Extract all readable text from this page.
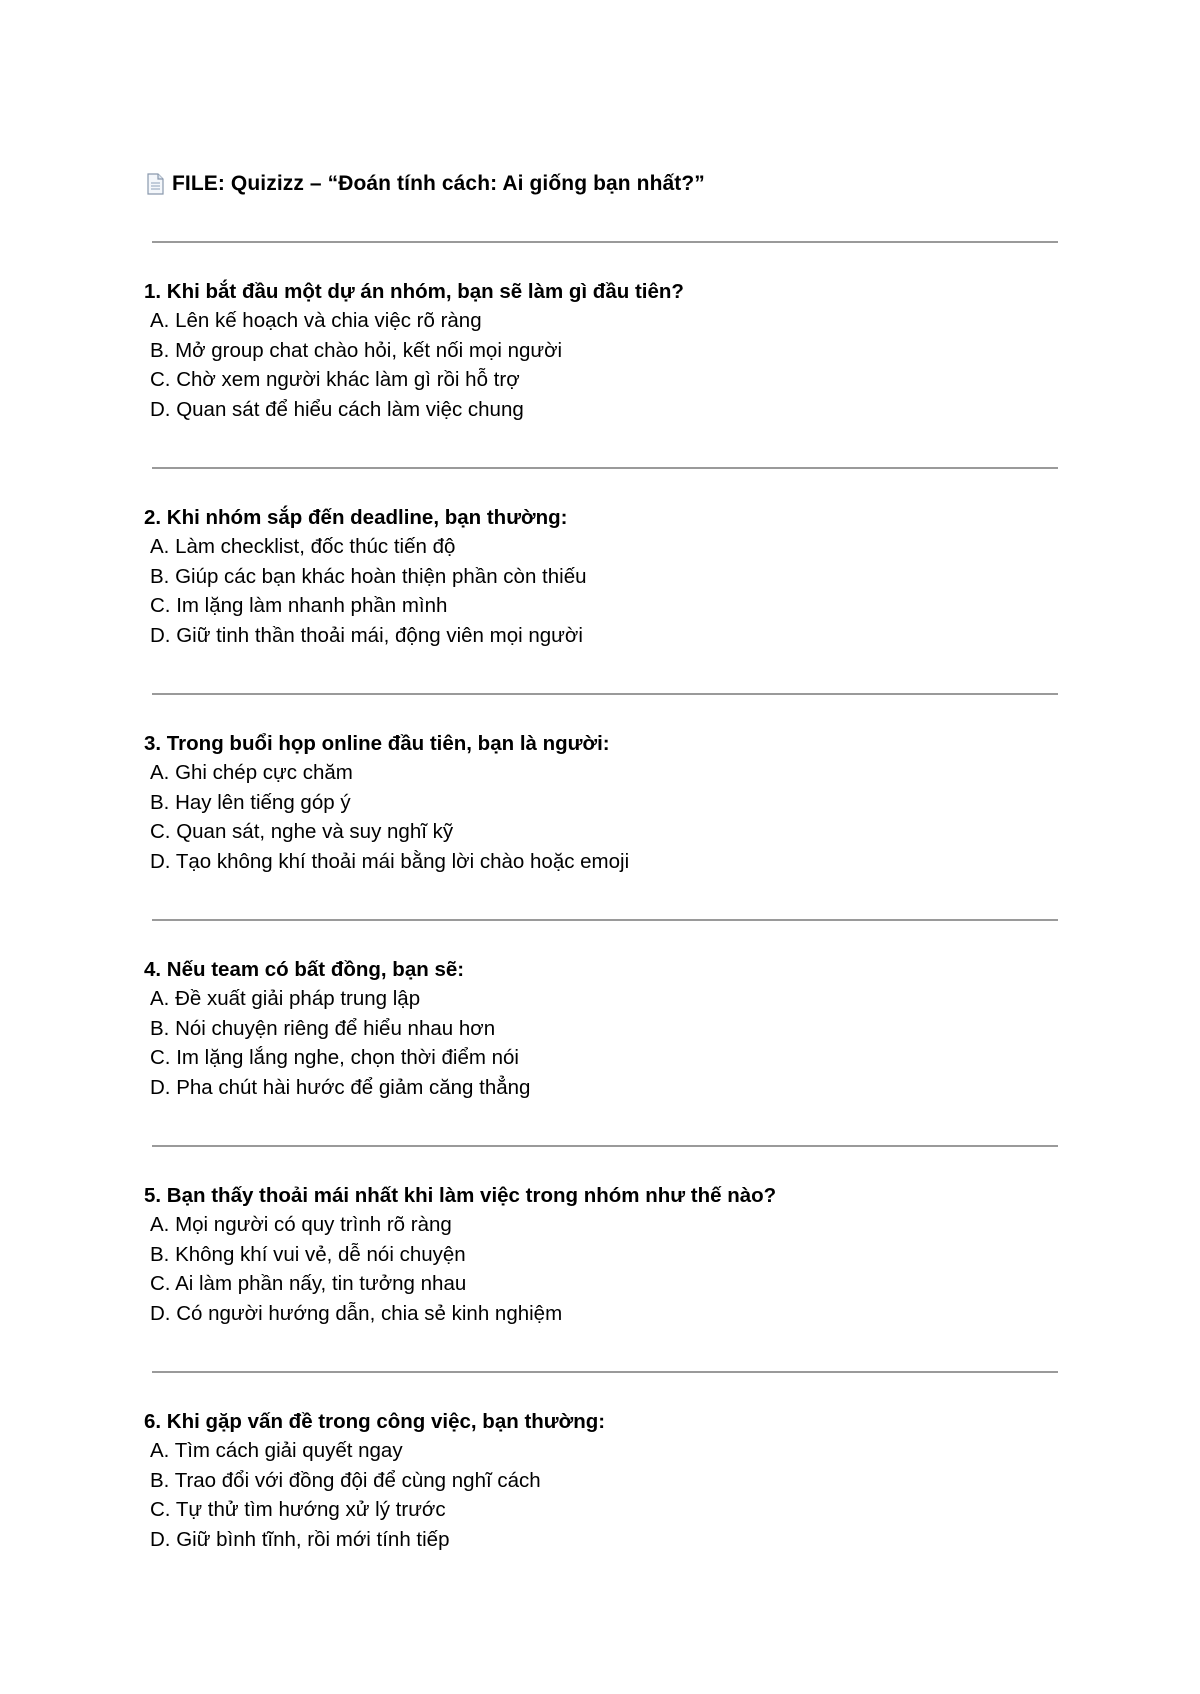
FILE: Quizizz – “Đoán tính cách: Ai giống bạn nhất?”
1. Khi bắt đầu một dự án nhóm, bạn sẽ làm gì đầu tiên?
A. Lên kế hoạch và chia việc rõ ràng
B. Mở group chat chào hỏi, kết nối mọi người
C. Chờ xem người khác làm gì rồi hỗ trợ
D. Quan sát để hiểu cách làm việc chung
2. Khi nhóm sắp đến deadline, bạn thường:
A. Làm checklist, đốc thúc tiến độ
B. Giúp các bạn khác hoàn thiện phần còn thiếu
C. Im lặng làm nhanh phần mình
D. Giữ tinh thần thoải mái, động viên mọi người
3. Trong buổi họp online đầu tiên, bạn là người:
A. Ghi chép cực chăm
B. Hay lên tiếng góp ý
C. Quan sát, nghe và suy nghĩ kỹ
D. Tạo không khí thoải mái bằng lời chào hoặc emoji
4. Nếu team có bất đồng, bạn sẽ:
A. Đề xuất giải pháp trung lập
B. Nói chuyện riêng để hiểu nhau hơn
C. Im lặng lắng nghe, chọn thời điểm nói
D. Pha chút hài hước để giảm căng thẳng
5. Bạn thấy thoải mái nhất khi làm việc trong nhóm như thế nào?
A. Mọi người có quy trình rõ ràng
B. Không khí vui vẻ, dễ nói chuyện
C. Ai làm phần nấy, tin tưởng nhau
D. Có người hướng dẫn, chia sẻ kinh nghiệm
6. Khi gặp vấn đề trong công việc, bạn thường:
A. Tìm cách giải quyết ngay
B. Trao đổi với đồng đội để cùng nghĩ cách
C. Tự thử tìm hướng xử lý trước
D. Giữ bình tĩnh, rồi mới tính tiếp
